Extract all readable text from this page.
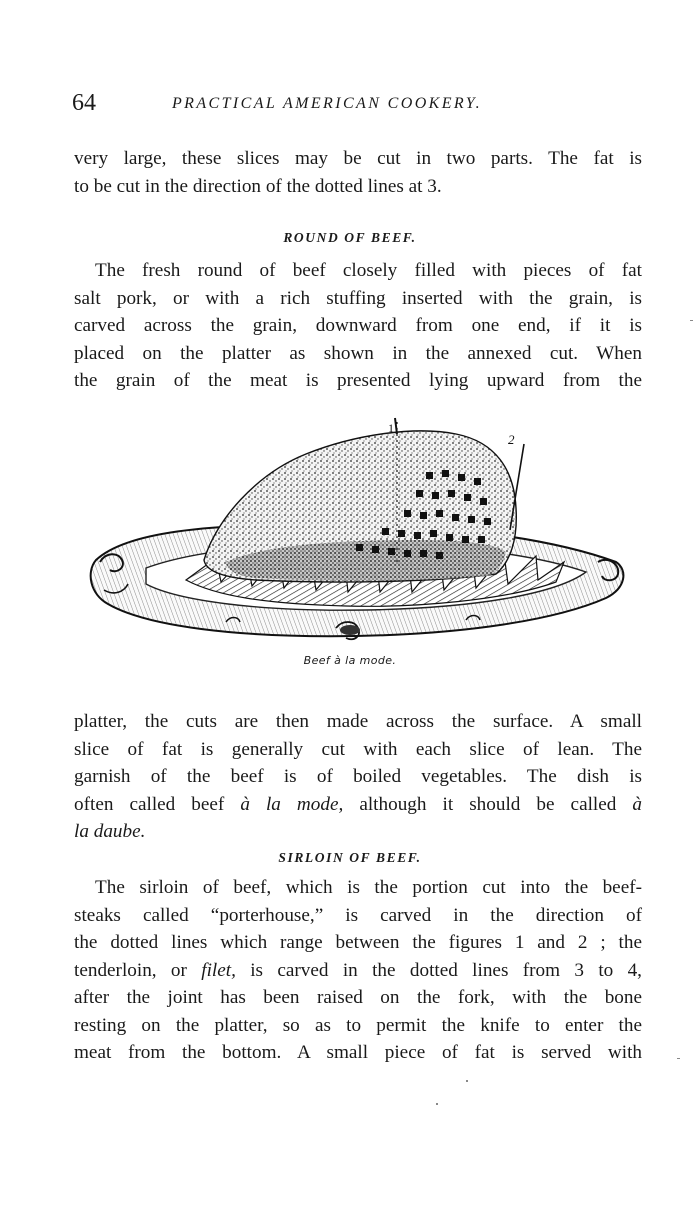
64	PRACTICAL AMERICAN COOKERY.
very large, these slices may be cut in two parts. The fat is
to be cut in the direction of the dotted lines at 3.
ROUND OF BEEF.
The fresh round of beef closely filled with pieces of fat
salt pork, or with a rich stuffing inserted with the grain, is
carved across the grain, downward from one end, if it is
placed on the platter as shown in the annexed cut. When
the grain of the meat is presented lying upward from the
1
2
Beef à la mode.
platter, the cuts are then made across the surface. A small
slice of fat is generally cut with each slice of lean. The
garnish of the beef is of boiled vegetables. The dish is
often called beef à la mode, although it should be called à
la daube.
SIRLOIN OF BEEF.
The sirloin of beef, which is the portion cut into the beef-
steaks called “porterhouse,” is carved in the direction of
the dotted lines which range between the figures 1 and 2 ; the
tenderloin, or filet, is carved in the dotted lines from 3 to 4,
after the joint has been raised on the fork, with the bone
resting on the platter, so as to permit the knife to enter the
meat from the bottom. A small piece of fat is served with
